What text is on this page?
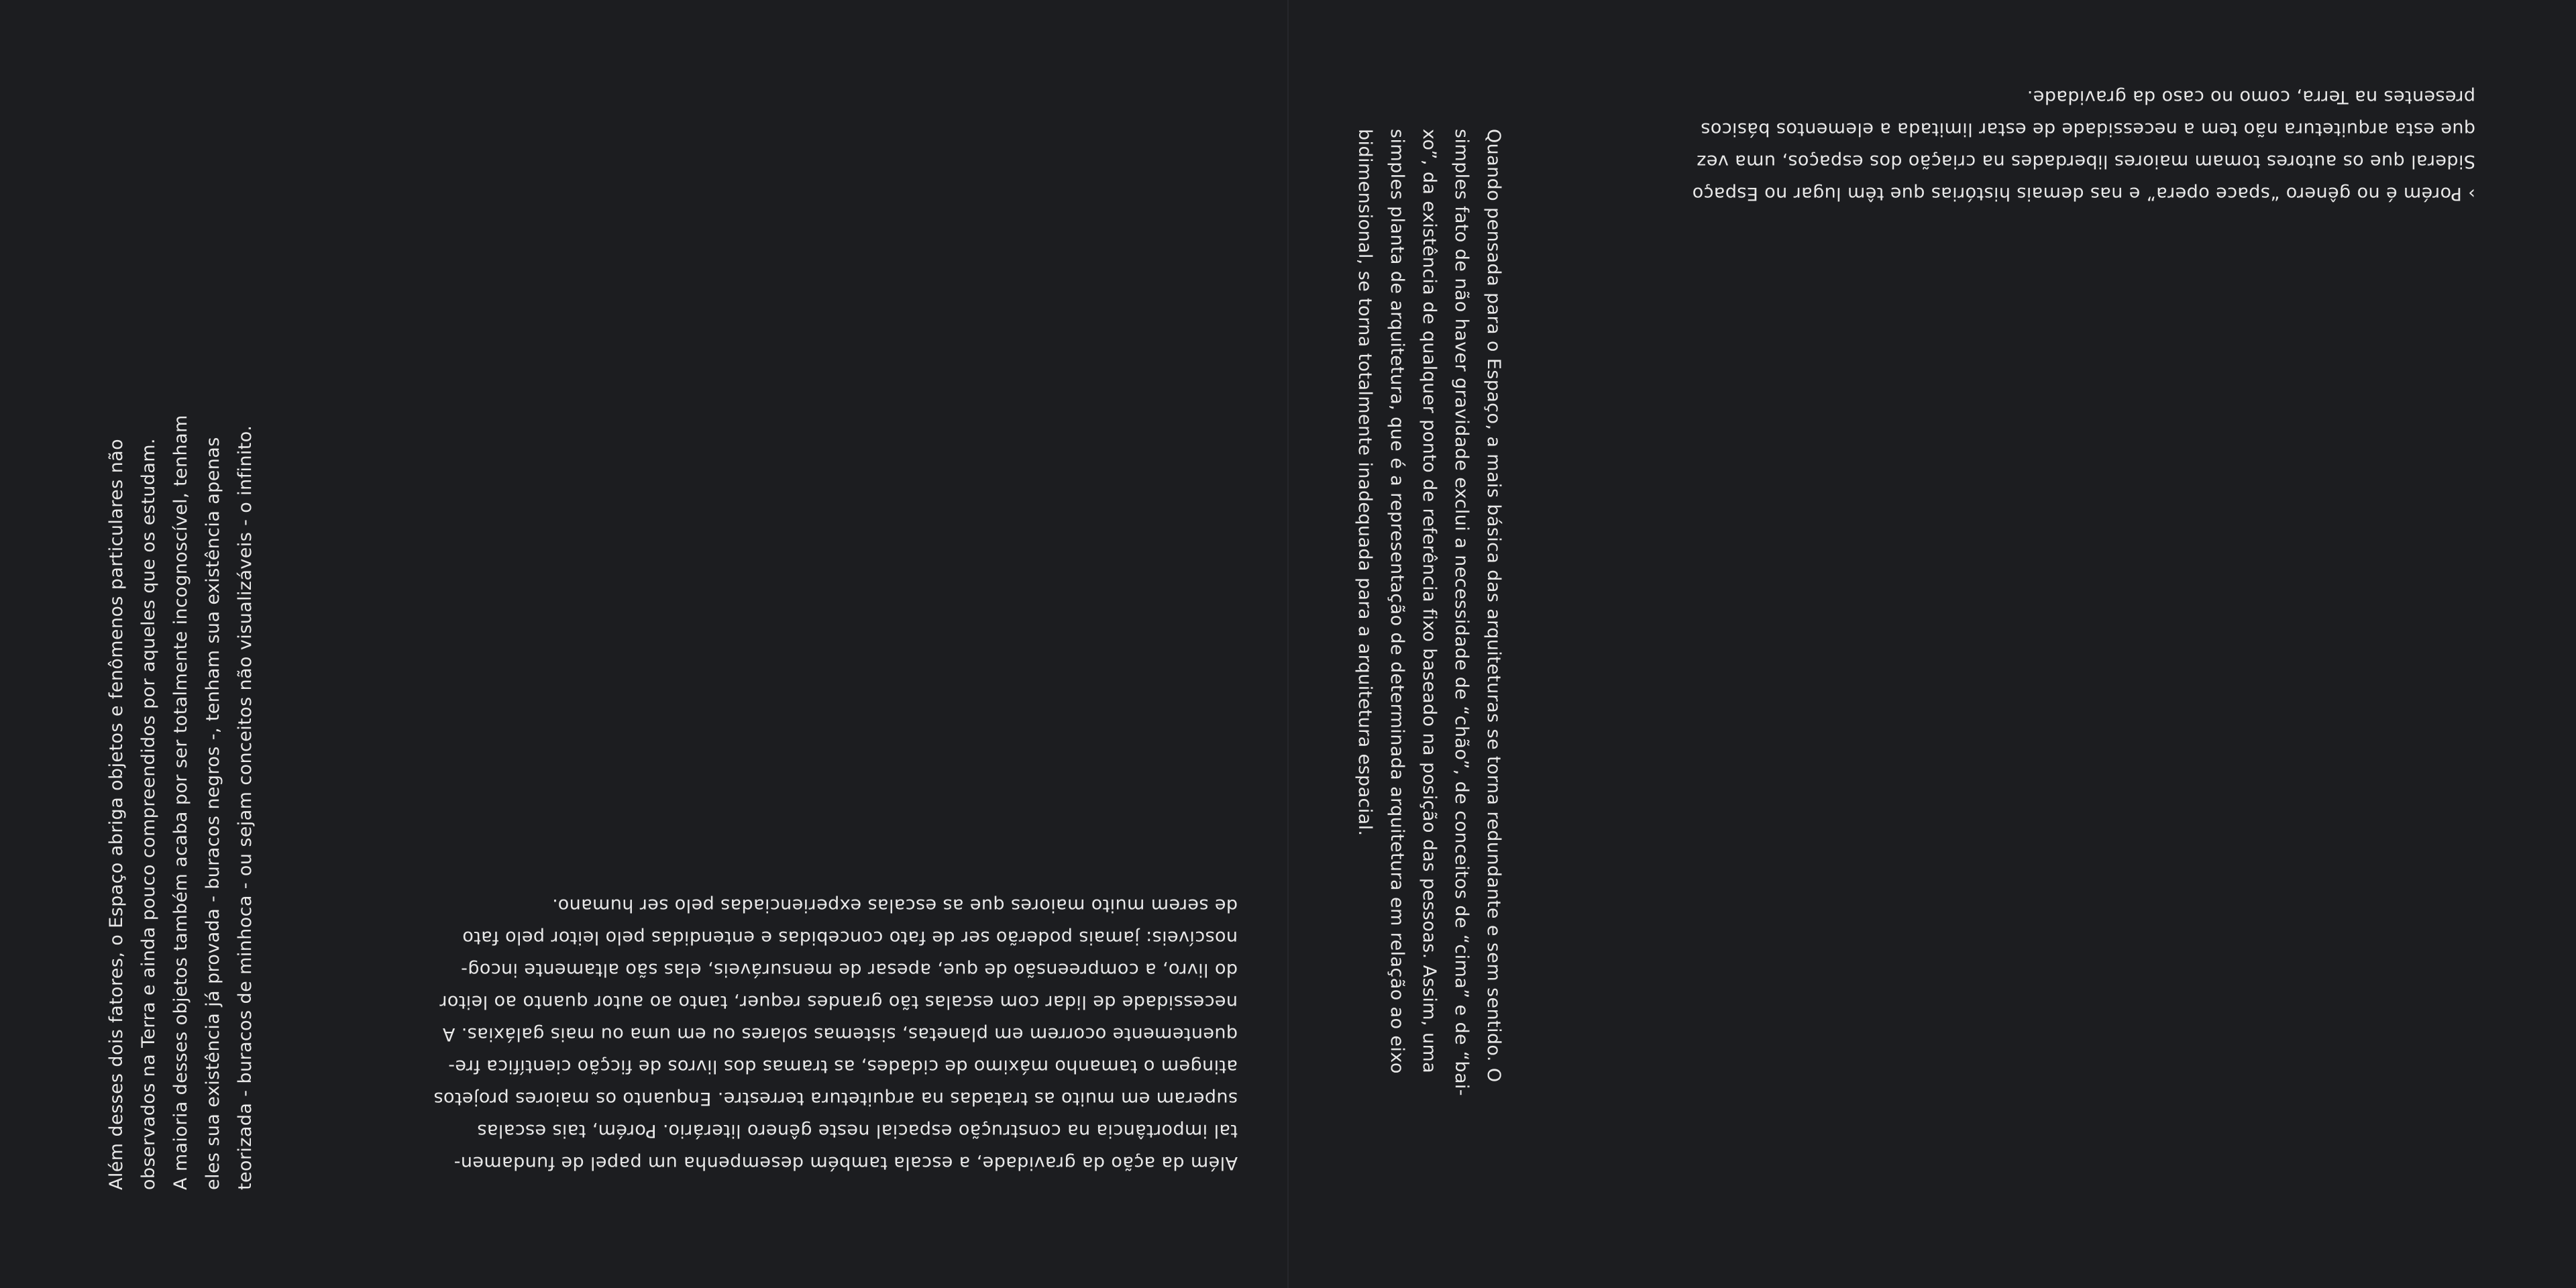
Além desses dois fatores, o Espaço abriga objetos e fenômenos particulares não observados na Terra e ainda pouco compreendidos por aqueles que os estudam. A maioria desses objetos também acaba por ser totalmente incognoscível, tenham eles sua existência já provada - buracos negros -, tenham sua existência apenas teorizada - buracos de minhoca - ou sejam conceitos não visualizáveis - o infinito.	Além da ação da gravidade, a escala também desempenha um papel de fundamen-
tal importância na construção espacial neste gênero literário. Porém, tais escalas
superam em muito as tratadas na arquitetura terrestre. Enquanto os maiores projetos
atingem o tamanho máximo de cidades, as tramas dos livros de ficção científica fre-
quentemente ocorrem em planetas, sistemas solares ou em uma ou mais galáxias. A
necessidade de lidar com escalas tão grandes requer, tanto ao autor quanto ao leitor
do livro, a compreensão de que, apesar de mensuráveis, elas são altamente incog-
noscíveis: jamais poderão ser de fato concebidas e entendidas pelo leitor pelo fato
de serem muito maiores que as escalas experienciadas pelo ser humano.	Quando pensada para o Espaço, a mais básica das arquiteturas se torna redundante e sem sentido. O
simples fato de não haver gravidade exclui a necessidade de “chão”, de conceitos de “cima” e de “bai-
xo”, da existência de qualquer ponto de referência fixo baseado na posição das pessoas. Assim, uma
simples planta de arquitetura, que é a representação de determinada arquitetura em relação ao eixo
bidimensional, se torna totalmente inadequada para a arquitetura espacial.	› Porém é no gênero “space opera” e nas demais histórias que têm lugar no Espaço
Sideral que os autores tomam maiores liberdades na criação dos espaços, uma vez
que esta arquitetura não tem a necessidade de estar limitada a elementos básicos
presentes na Terra, como no caso da gravidade.
